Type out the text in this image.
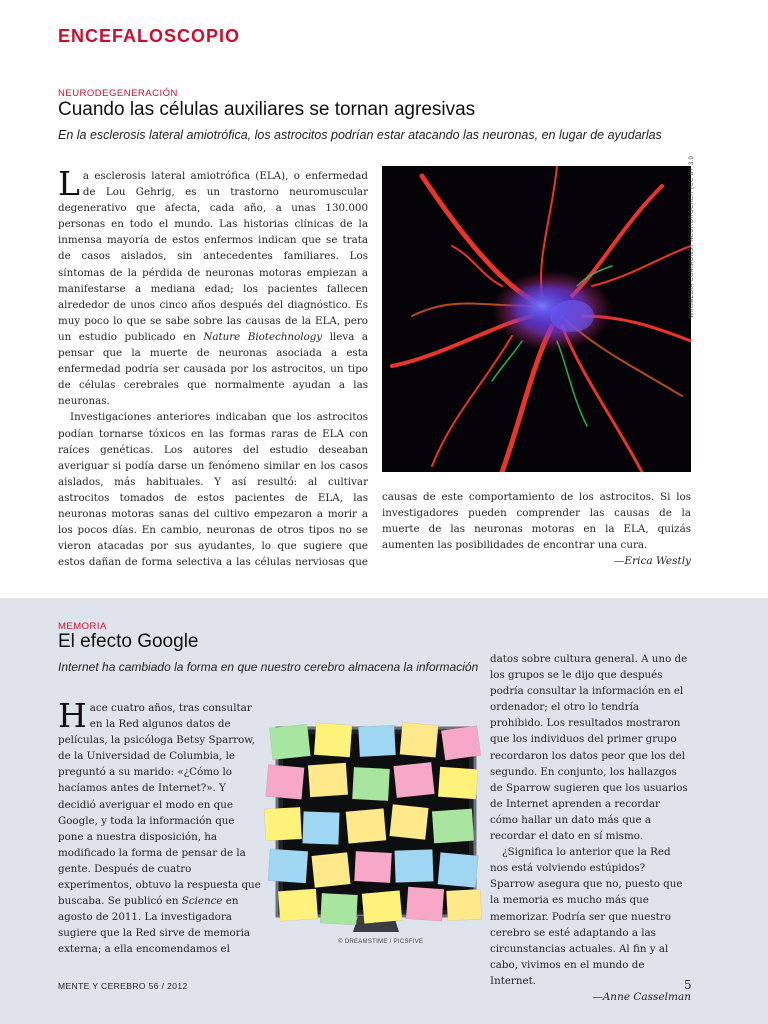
ENCEFALOSCOPIO
NEURODEGENERACIÓN
Cuando las células auxiliares se tornan agresivas
En la esclerosis lateral amiotrófica, los astrocitos podrían estar atacando las neuronas, en lugar de ayudarlas

La esclerosis lateral amiotrófica (ELA), o enfermedad de Lou Gehrig, es un trastorno neuromuscular degenerativo que afecta, cada año, a unas 130.000 personas en todo el mundo. Las historias clínicas de la inmensa mayoría de estos enfermos indican que se trata de casos aislados, sin antecedentes familiares. Los síntomas de la pérdida de neuronas motoras empiezan a manifestarse a mediana edad; los pacientes fallecen alrededor de unos cinco años después del diagnóstico. Es muy poco lo que se sabe sobre las causas de la ELA, pero un estudio publicado en Nature Biotechnology lleva a pensar que la muerte de neuronas asociada a esta enfermedad podría ser causada por los astrocitos, un tipo de células cerebrales que normalmente ayudan a las neuronas.

Investigaciones anteriores indicaban que los astrocitos podían tornarse tóxicos en las formas raras de ELA con raíces genéticas. Los autores del estudio deseaban averiguar si podía darse un fenómeno similar en los casos aislados, más habituales. Y así resultó: al cultivar astrocitos tomados de estos pacientes de ELA, las neuronas motoras sanas del cultivo empezaron a morir a los pocos días. En cambio, neuronas de otros tipos no se vieron atacadas por sus ayudantes, lo que sugiere que estos dañan de forma selectiva a las células nerviosas que

WIKIMEDIA COMMONS / NEUROROCKER (CC BY 3.0

causas de este comportamiento de los astrocitos. Si los investigadores pueden comprender las causas de la muerte de las neuronas motoras en la ELA, quizás aumenten las posibilidades de encontrar una cura.

—Erica Westly
MEMORIA
El efecto Google
Internet ha cambiado la forma en que nuestro cerebro almacena la información

Hace cuatro años, tras consultar en la Red algunos datos de películas, la psicóloga Betsy Sparrow, de la Universidad de Columbia, le preguntó a su marido: «¿Cómo lo hacíamos antes de Internet?». Y decidió averiguar el modo en que Google, y toda la información que pone a nuestra disposición, ha modificado la forma de pensar de la gente. Después de cuatro experimentos, obtuvo la respuesta que buscaba. Se publicó en Science en agosto de 2011. La investigadora sugiere que la Red sirve de memoria externa; a ella encomendamos el

© DREAMSTIME / PICSFIVE

datos sobre cultura general. A uno de los grupos se le dijo que después podría consultar la información en el ordenador; el otro lo tendría prohibido. Los resultados mostraron que los individuos del primer grupo recordaron los datos peor que los del segundo. En conjunto, los hallazgos de Sparrow sugieren que los usuarios de Internet aprenden a recordar cómo hallar un dato más que a recordar el dato en sí mismo.

¿Significa lo anterior que la Red nos está volviendo estúpidos? Sparrow asegura que no, puesto que la memoria es mucho más que memorizar. Podría ser que nuestro cerebro se esté adaptando a las circunstancias actuales. Al fin y al cabo, vivimos en el mundo de Internet.

—Anne Casselman
MENTE Y CEREBRO 56 / 2012	5
